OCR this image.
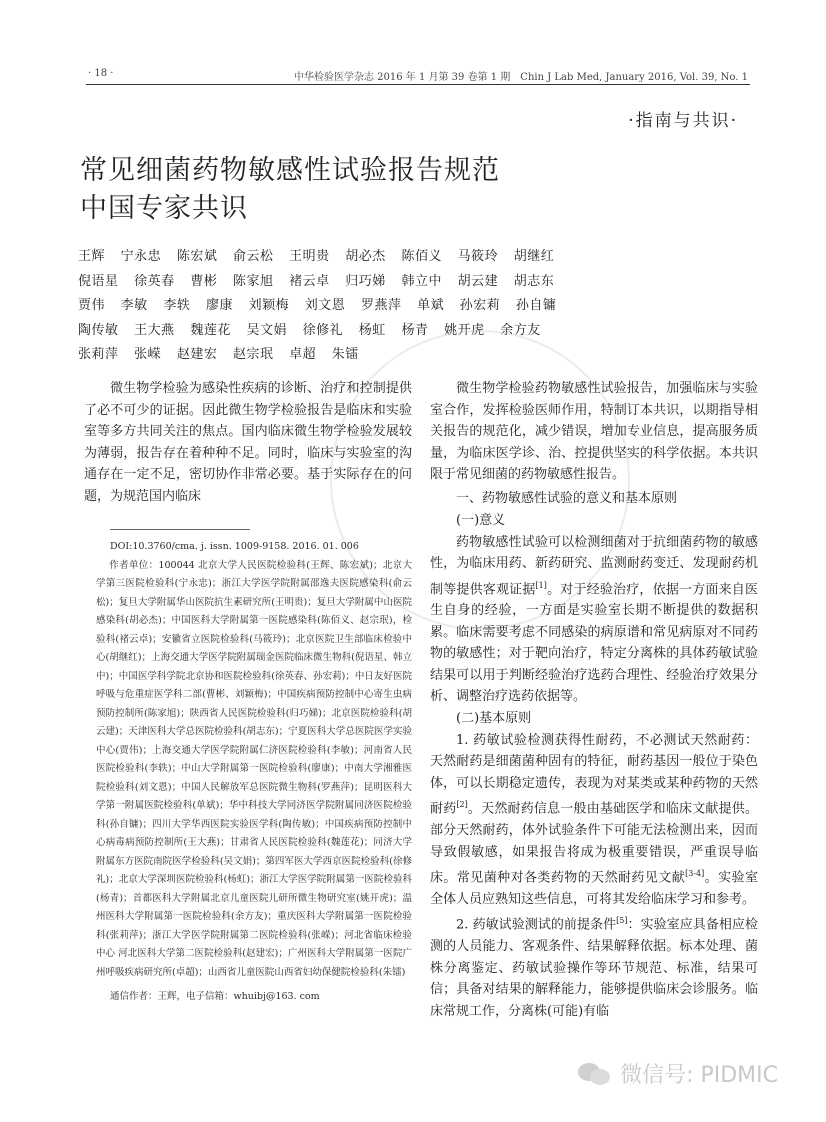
· 18 ·	中华检验医学杂志 2016 年 1 月第 39 卷第 1 期　Chin J Lab Med, January 2016, Vol. 39, No. 1
·指南与共识·
常见细菌药物敏感性试验报告规范
中国专家共识
王辉 宁永忠 陈宏斌 俞云松 王明贵 胡必杰 陈佰义 马筱玲 胡继红
倪语星 徐英春 曹彬 陈家旭 褚云卓 归巧娣 韩立中 胡云建 胡志东
贾伟 李敏 李轶 廖康 刘颖梅 刘文恩 罗燕萍 单斌 孙宏莉 孙自镛
陶传敏 王大燕 魏莲花 吴文娟 徐修礼 杨虹 杨青 姚开虎 余方友
张莉萍 张嵘 赵建宏 赵宗珉 卓超 朱镭

微生物学检验为感染性疾病的诊断、治疗和控制提供了必不可少的证据。因此微生物学检验报告是临床和实验室等多方共同关注的焦点。国内临床微生物学检验发展较为薄弱，报告存在着种种不足。同时，临床与实验室的沟通存在一定不足，密切协作非常必要。基于实际存在的问题，为规范国内临床

DOI:10.3760/cma. j. issn. 1009-9158. 2016. 01. 006

作者单位：100044 北京大学人民医院检验科(王辉、陈宏斌)；北京大学第三医院检验科(宁永忠)；浙江大学医学院附属邵逸夫医院感染科(俞云松)；复旦大学附属华山医院抗生素研究所(王明贵)；复旦大学附属中山医院感染科(胡必杰)；中国医科大学附属第一医院感染科(陈佰义、赵宗珉)，检验科(褚云卓)；安徽省立医院检验科(马筱玲)；北京医院卫生部临床检验中心(胡继红)；上海交通大学医学院附属瑞金医院临床微生物科(倪语星、韩立中)；中国医学科学院北京协和医院检验科(徐英春、孙宏莉)；中日友好医院呼吸与危重症医学科二部(曹彬、刘颖梅)；中国疾病预防控制中心寄生虫病预防控制所(陈家旭)；陕西省人民医院检验科(归巧娣)；北京医院检验科(胡云建)；天津医科大学总医院检验科(胡志东)；宁夏医科大学总医院医学实验中心(贾伟)；上海交通大学医学院附属仁济医院检验科(李敏)；河南省人民医院检验科(李轶)；中山大学附属第一医院检验科(廖康)；中南大学湘雅医院检验科(刘文恩)；中国人民解放军总医院微生物科(罗燕萍)；昆明医科大学第一附属医院检验科(单斌)；华中科技大学同济医学院附属同济医院检验科(孙自镛)；四川大学华西医院实验医学科(陶传敏)；中国疾病预防控制中心病毒病预防控制所(王大燕)；甘肃省人民医院检验科(魏莲花)；同济大学附属东方医院南院医学检验科(吴文娟)；第四军医大学西京医院检验科(徐修礼)；北京大学深圳医院检验科(杨虹)；浙江大学医学院附属第一医院检验科(杨青)；首都医科大学附属北京儿童医院儿研所微生物研究室(姚开虎)；温州医科大学附属第一医院检验科(余方友)；重庆医科大学附属第一医院检验科(张莉萍)；浙江大学医学院附属第二医院检验科(张嵘)；河北省临床检验中心 河北医科大学第二医院检验科(赵建宏)；广州医科大学附属第一医院广州呼吸疾病研究所(卓超)；山西省儿童医院山西省妇幼保健院检验科(朱镭)

通信作者：王辉，电子信箱：whuibj@163. com

微生物学检验药物敏感性试验报告，加强临床与实验室合作，发挥检验医师作用，特制订本共识，以期指导相关报告的规范化，减少错误，增加专业信息，提高服务质量，为临床医学诊、治、控提供坚实的科学依据。本共识限于常见细菌的药物敏感性报告。

一、药物敏感性试验的意义和基本原则

(一)意义

药物敏感性试验可以检测细菌对于抗细菌药物的敏感性，为临床用药、新药研究、监测耐药变迁、发现耐药机制等提供客观证据[1]。对于经验治疗，依据一方面来自医生自身的经验，一方面是实验室长期不断提供的数据积累。临床需要考虑不同感染的病原谱和常见病原对不同药物的敏感性；对于靶向治疗，特定分离株的具体药敏试验结果可以用于判断经验治疗选药合理性、经验治疗效果分析、调整治疗选药依据等。

(二)基本原则

1. 药敏试验检测获得性耐药，不必测试天然耐药：天然耐药是细菌菌种固有的特征，耐药基因一般位于染色体，可以长期稳定遗传，表现为对某类或某种药物的天然耐药[2]。天然耐药信息一般由基础医学和临床文献提供。部分天然耐药，体外试验条件下可能无法检测出来，因而导致假敏感，如果报告将成为极重要错误，严重误导临床。常见菌种对各类药物的天然耐药见文献[3-4]。实验室全体人员应熟知这些信息，可将其发给临床学习和参考。

2. 药敏试验测试的前提条件[5]：实验室应具备相应检测的人员能力、客观条件、结果解释依据。标本处理、菌株分离鉴定、药敏试验操作等环节规范、标准，结果可信；具备对结果的解释能力，能够提供临床会诊服务。临床常规工作，分离株(可能)有临

微信号: PIDMIC
